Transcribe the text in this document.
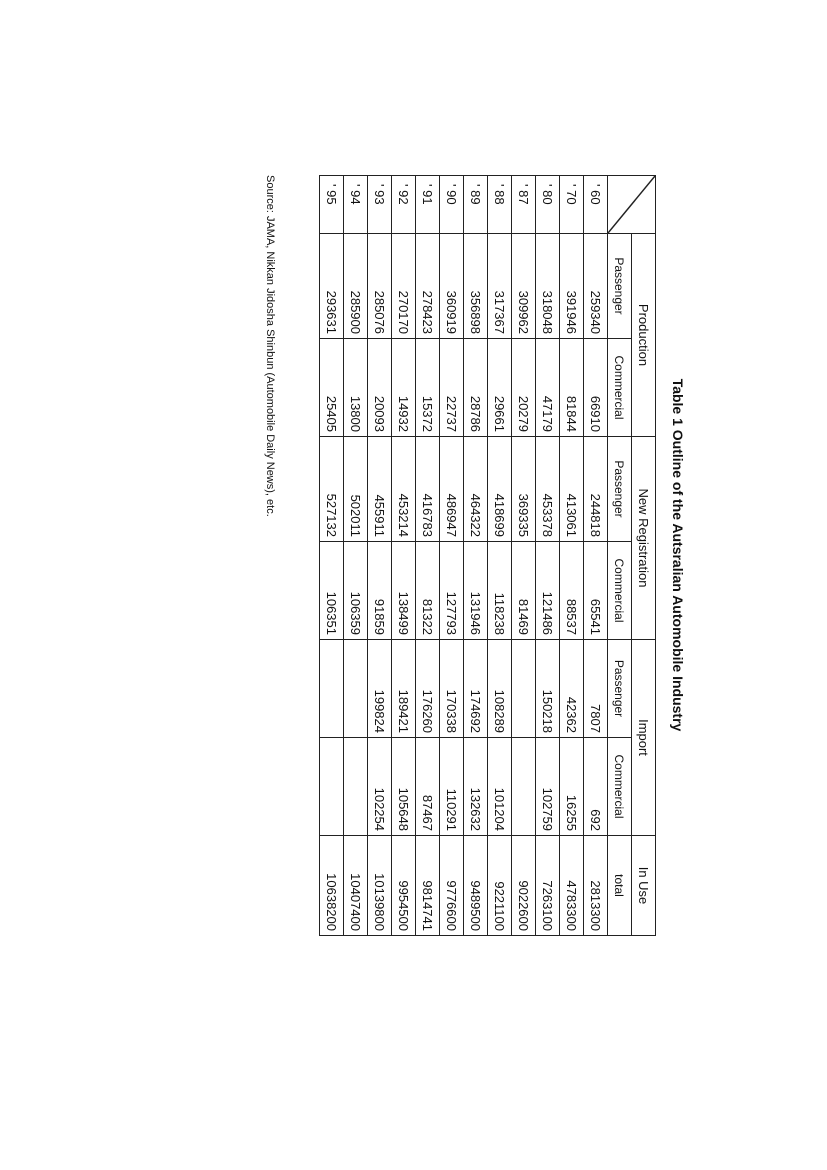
Table 1 Outline of the Autsralian Automobile Industry
	Production		New Registration		Import		In Use
	Passenger	Commercial	Passenger	Commercial	Passenger	Commercial	total
' 60	259340	66910	244818	65541	7807	692	2813300
' 70	391946	81844	413061	88537	42362	16255	4783300
' 80	318048	47179	453378	121486	150218	102759	7263100
' 87	309962	20279	369335	81469			9022600
' 88	317367	29661	418699	118238	108289	101204	9221100
' 89	356898	28786	464322	131946	174692	132632	9489500
' 90	360919	22737	486947	127793	170338	110291	9776600
' 91	278423	15372	416783	81322	176260	87467	9814741
' 92	270170	14932	453214	138499	189421	105648	9954500
' 93	285076	20093	455911	91859	199824	102254	10139800
' 94	285900	13800	502011	106359			10407400
' 95	293631	25405	527132	106351			10638200
Source: JAMA, Nikkan Jidosha Shinbun (Automobile Daily News), etc.
